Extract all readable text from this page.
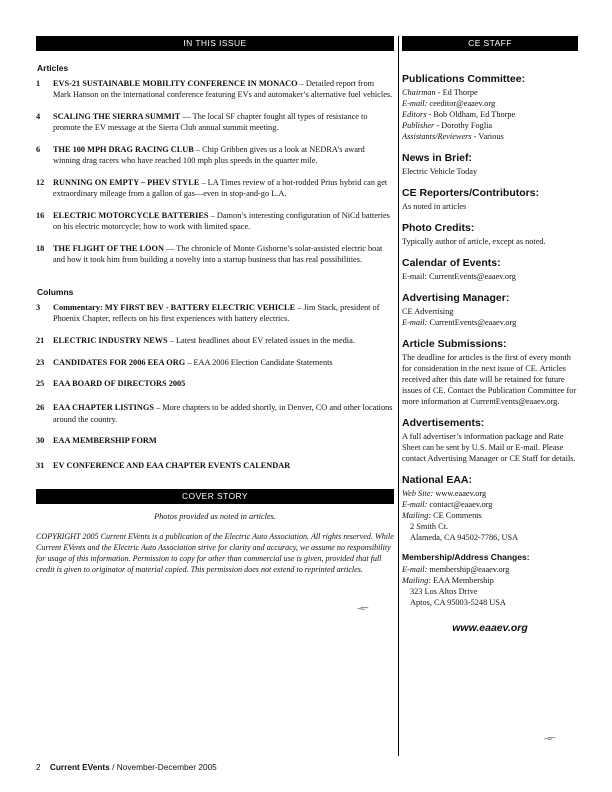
IN THIS ISSUE
Articles
1	EVS-21 SUSTAINABLE MOBILITY CONFERENCE IN MONACO – Detailed report from Mark Hanson on the international conference featuring EVs and automaker’s alternative fuel vehicles.
4	SCALING THE SIERRA SUMMIT — The local SF chapter fought all types of resistance to promote the EV message at the Sierra Club annual summit meeting.
6	THE 100 MPH DRAG RACING CLUB – Chip Gribben gives us a look at NEDRA’s award winning drag racers who have reached 100 mph plus speeds in the quarter mile.
12	RUNNING ON EMPTY – PHEV STYLE – LA Times review of a hot-rodded Prius hybrid can get extraordinary mileage from a gallon of gas—even in stop-and-go L.A.
16	ELECTRIC MOTORCYCLE BATTERIES – Damon’s interesting configuration of NiCd batteries on his electric motorcycle; how to work with limited space.
18	THE FLIGHT OF THE LOON — The chronicle of Monte Gisborne’s solar-assisted electric boat and how it took him from building a novelty into a startup business that has real possibilities.
Columns
3	Commentary: MY FIRST BEV - BATTERY ELECTRIC VEHICLE – Jim Stack, president of Phoenix Chapter, reflects on his first experiences with battery electrics.
21	ELECTRIC INDUSTRY NEWS – Latest headlines about EV related issues in the media.
23	CANDIDATES FOR 2006 EEA ORG – EAA 2006 Election Candidate Statements
25	EAA BOARD OF DIRECTORS 2005
26	EAA CHAPTER LISTINGS – More chapters to be added shortly, in Denver, CO and other locations around the country.
30	EAA MEMBERSHIP FORM
31	EV CONFERENCE AND EAA CHAPTER EVENTS CALENDAR
COVER STORY
Photos provided as noted in articles.
COPYRIGHT 2005 Current EVents is a publication of the Electric Auto Association. All rights reserved. While Current EVents and the Electric Auto Association strive for clarity and accuracy, we assume no responsibility for usage of this information. Permission to copy for other than commercial use is given, provided that full credit is given to originator of material copied. This permission does not extend to reprinted articles.
~≈~
CE STAFF
Publications Committee:
Chairman - Ed Thorpe
E-mail: ceeditor@eaaev.org
Editors - Bob Oldham, Ed Thorpe
Publisher - Dorothy Foglia
Assistants/Reviewers - Various
News in Brief:
Electric Vehicle Today
CE Reporters/Contributors:
As noted in articles
Photo Credits:
Typically author of article, except as noted.
Calendar of Events:
E-mail: CurrentEvents@eaaev.org
Advertising Manager:
CE Advertising
E-mail: CurrentEvents@eaaev.org
Article Submissions:
The deadline for articles is the first of every month for consideration in the next issue of CE. Articles received after this date will be retained for future issues of CE. Contact the Publication Committee for more information at CurrentEvents@eaaev.org.
Advertisements:
A full advertiser’s information package and Rate Sheet can be sent by U.S. Mail or E-mail. Please contact Advertising Manager or CE Staff for details.
National EAA:
Web Site: www.eaaev.org
E-mail: contact@eaaev.org
Mailing: CE Comments
2 Smith Ct.
Alameda, CA 94502-7786, USA
Membership/Address Changes:
E-mail: membership@eaaev.org
Mailing: EAA Membership
323 Los Altos Drive
Aptos, CA 95003-5248 USA
www.eaaev.org
~≈~
2 Current EVents / November-December 2005
